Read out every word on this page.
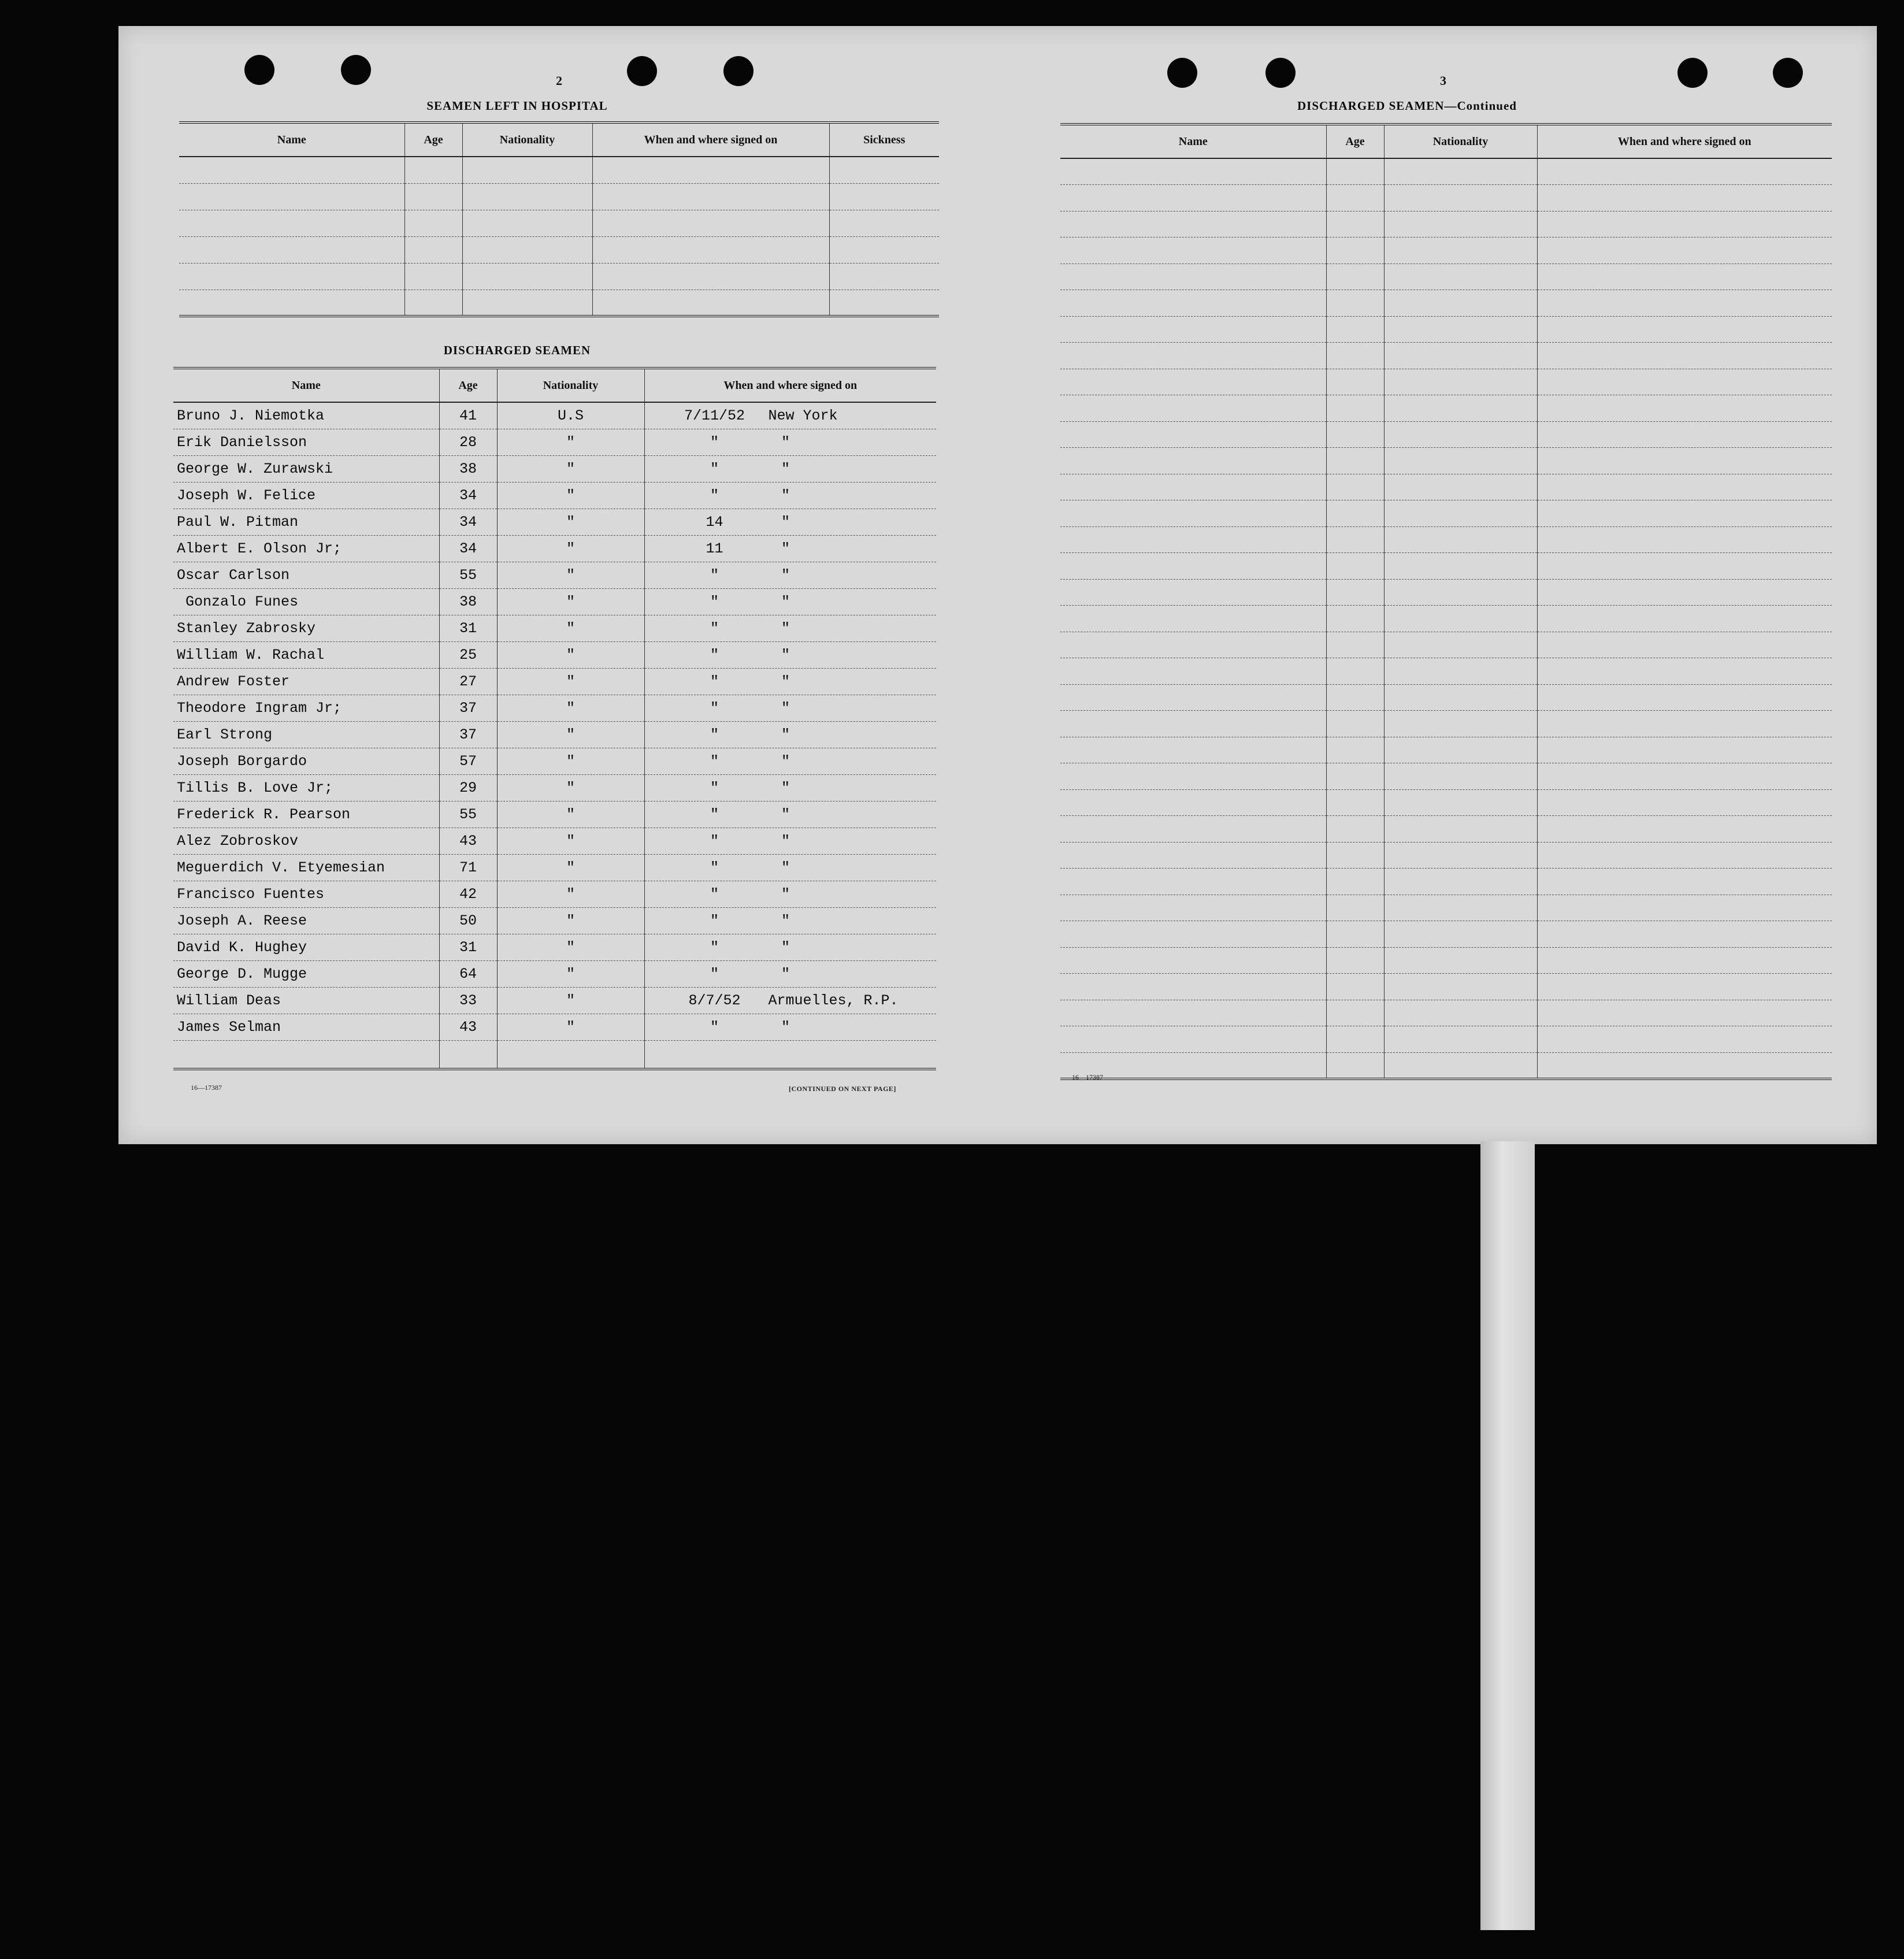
2
SEAMEN LEFT IN HOSPITAL
Name	Age	Nationality	When and where signed on	Sickness

DISCHARGED SEAMEN
Name	Age	Nationality	When and where signed on
Bruno J. Niemotka	41	U.S	7/11/52 New York
Erik Danielsson	28	"	" "
George W. Zurawski	38	"	" "
Joseph W. Felice	34	"	" "
Paul W. Pitman	34	"	14 "
Albert E. Olson Jr;	34	"	11 "
Oscar Carlson	55	"	" "
Gonzalo Funes	38	"	" "
Stanley Zabrosky	31	"	" "
William W. Rachal	25	"	" "
Andrew Foster	27	"	" "
Theodore Ingram Jr;	37	"	" "
Earl Strong	37	"	" "
Joseph Borgardo	57	"	" "
Tillis B. Love Jr;	29	"	" "
Frederick R. Pearson	55	"	" "
Alez Zobroskov	43	"	" "
Meguerdich V. Etyemesian	71	"	" "
Francisco Fuentes	42	"	" "
Joseph A. Reese	50	"	" "
David K. Hughey	31	"	" "
George D. Mugge	64	"	" "
William Deas	33	"	8/7/52 Armuelles, R.P.
James Selman	43	"	" "

16—17387	[CONTINUED ON NEXT PAGE]
3
DISCHARGED SEAMEN—Continued
Name	Age	Nationality	When and where signed on

16—17387
